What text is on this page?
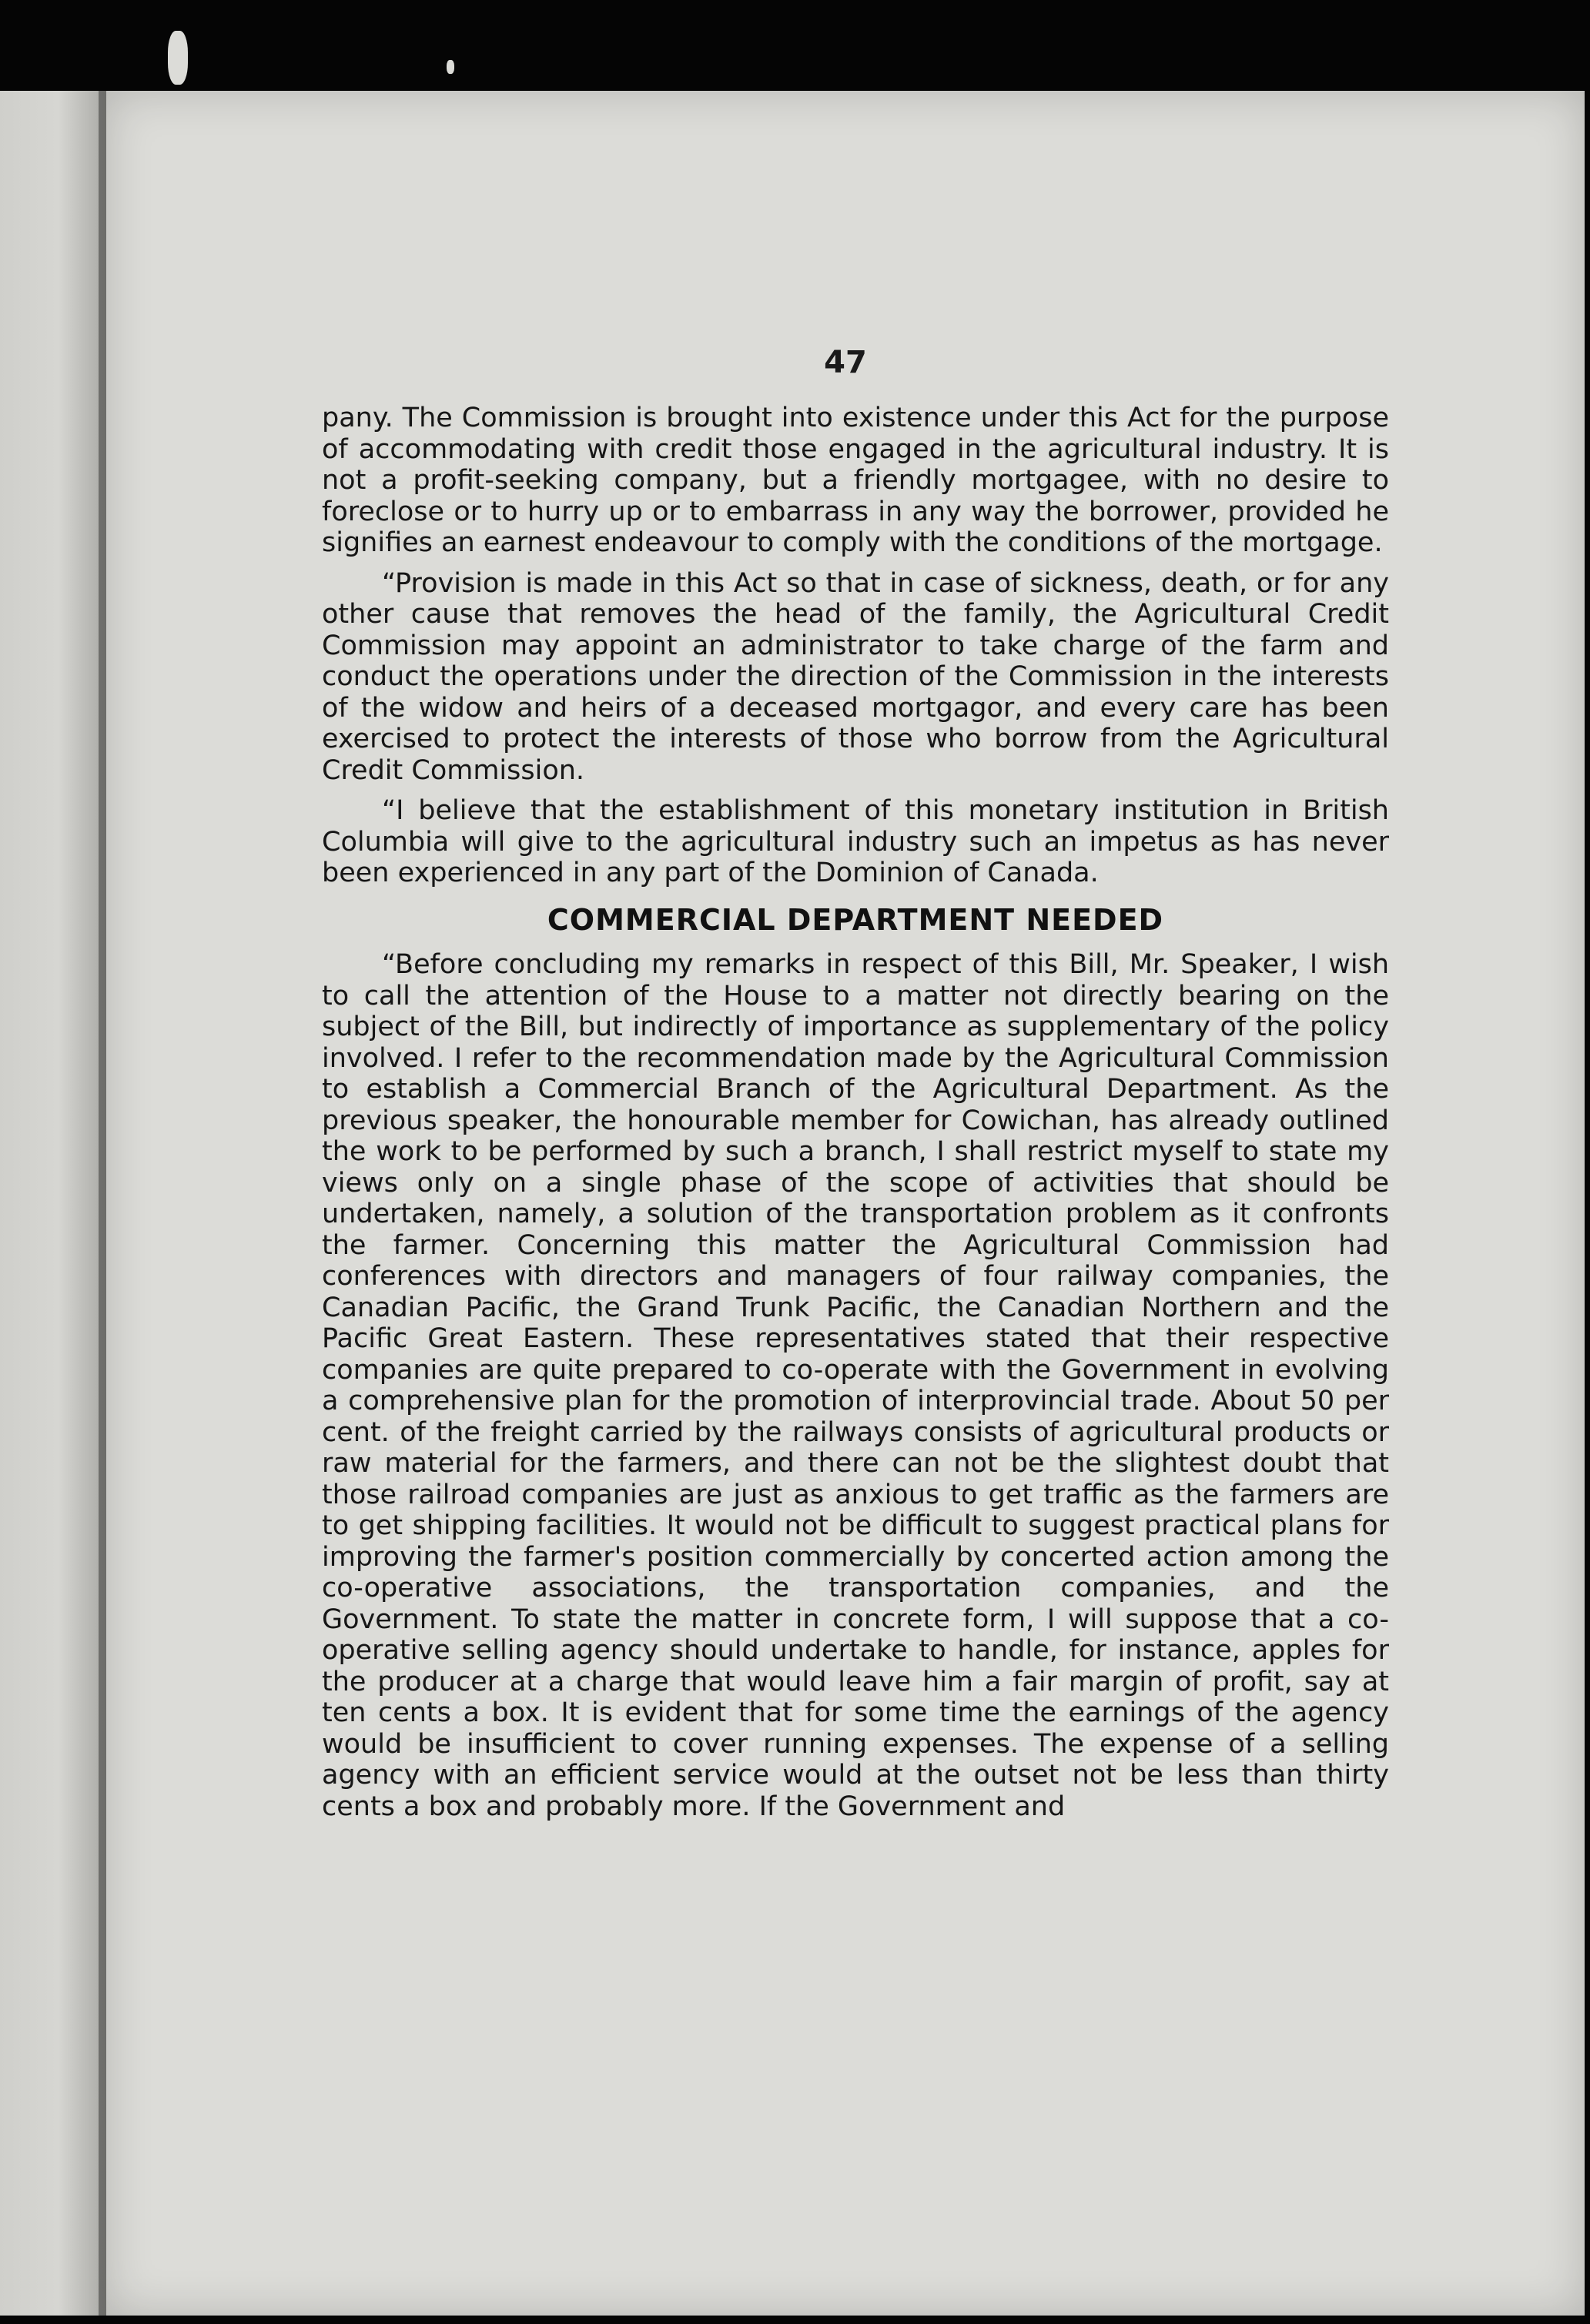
47

pany. The Commission is brought into existence under this Act for the purpose of accommodating with credit those engaged in the agricultural industry. It is not a profit-seeking company, but a friendly mortgagee, with no desire to foreclose or to hurry up or to embarrass in any way the borrower, provided he signifies an earnest endeavour to comply with the conditions of the mortgage.

“Provision is made in this Act so that in case of sickness, death, or for any other cause that removes the head of the family, the Agricultural Credit Commission may appoint an administrator to take charge of the farm and conduct the operations under the direction of the Commission in the interests of the widow and heirs of a deceased mortgagor, and every care has been exercised to protect the interests of those who borrow from the Agricultural Credit Commission.

“I believe that the establishment of this monetary institution in British Columbia will give to the agricultural industry such an impetus as has never been experienced in any part of the Dominion of Canada.

COMMERCIAL DEPARTMENT NEEDED

“Before concluding my remarks in respect of this Bill, Mr. Speaker, I wish to call the attention of the House to a matter not directly bearing on the subject of the Bill, but indirectly of importance as supplementary of the policy involved. I refer to the recommendation made by the Agricultural Commission to establish a Commercial Branch of the Agricultural Department. As the previous speaker, the honourable member for Cowichan, has already outlined the work to be performed by such a branch, I shall restrict myself to state my views only on a single phase of the scope of activities that should be undertaken, namely, a solution of the transportation problem as it confronts the farmer. Concerning this matter the Agricultural Commission had conferences with directors and managers of four railway companies, the Canadian Pacific, the Grand Trunk Pacific, the Canadian Northern and the Pacific Great Eastern. These representatives stated that their respective companies are quite prepared to co-operate with the Government in evolving a comprehensive plan for the promotion of interprovincial trade. About 50 per cent. of the freight carried by the railways consists of agricultural products or raw material for the farmers, and there can not be the slightest doubt that those railroad companies are just as anxious to get traffic as the farmers are to get shipping facilities. It would not be difficult to suggest practical plans for improving the farmer's position commercially by concerted action among the co-operative associations, the transportation companies, and the Government. To state the matter in concrete form, I will suppose that a co-operative selling agency should undertake to handle, for instance, apples for the producer at a charge that would leave him a fair margin of profit, say at ten cents a box. It is evident that for some time the earnings of the agency would be insufficient to cover running expenses. The expense of a selling agency with an efficient service would at the outset not be less than thirty cents a box and probably more. If the Government and
